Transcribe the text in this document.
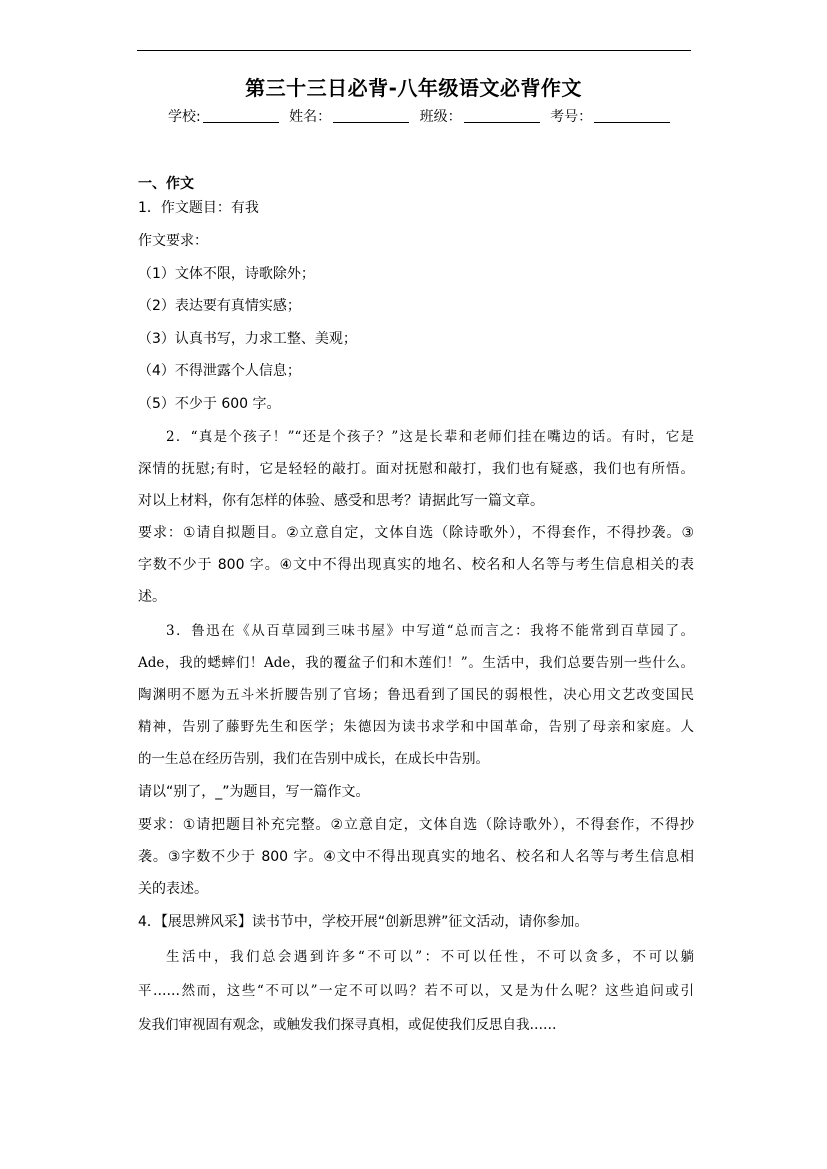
第三十三日必背-八年级语文必背作文
学校:	姓名：	班级：	考号：
一、作文
1．作文题目：有我
作文要求：
（1）文体不限，诗歌除外；
（2）表达要有真情实感；
（3）认真书写，力求工整、美观；
（4）不得泄露个人信息；
（5）不少于 600 字。
2．“真是个孩子！”“还是个孩子？”这是长辈和老师们挂在嘴边的话。有时，它是
深情的抚慰;有时，它是轻轻的敲打。面对抚慰和敲打，我们也有疑惑，我们也有所悟。
对以上材料，你有怎样的体验、感受和思考？请据此写一篇文章。
要求：①请自拟题目。②立意自定，文体自选（除诗歌外），不得套作，不得抄袭。③
字数不少于 800 字。④文中不得出现真实的地名、校名和人名等与考生信息相关的表
述。
3．鲁迅在《从百草园到三味书屋》中写道“总而言之：我将不能常到百草园了。
Ade，我的蟋蟀们！Ade，我的覆盆子们和木莲们！”。生活中，我们总要告别一些什么。
陶渊明不愿为五斗米折腰告别了官场；鲁迅看到了国民的弱根性，决心用文艺改变国民
精神，告别了藤野先生和医学；朱德因为读书求学和中国革命，告别了母亲和家庭。人
的一生总在经历告别，我们在告别中成长，在成长中告别。
请以“别了，_”为题目，写一篇作文。
要求：①请把题目补充完整。②立意自定，文体自选（除诗歌外），不得套作，不得抄
袭。③字数不少于 800 字。④文中不得出现真实的地名、校名和人名等与考生信息相
关的表述。
4．【展思辨风采】读书节中，学校开展“创新思辨”征文活动，请你参加。
生活中，我们总会遇到许多“不可以”：不可以任性，不可以贪多，不可以躺
平……然而，这些“不可以”一定不可以吗？若不可以，又是为什么呢？这些追问或引
发我们审视固有观念，或触发我们探寻真相，或促使我们反思自我……
